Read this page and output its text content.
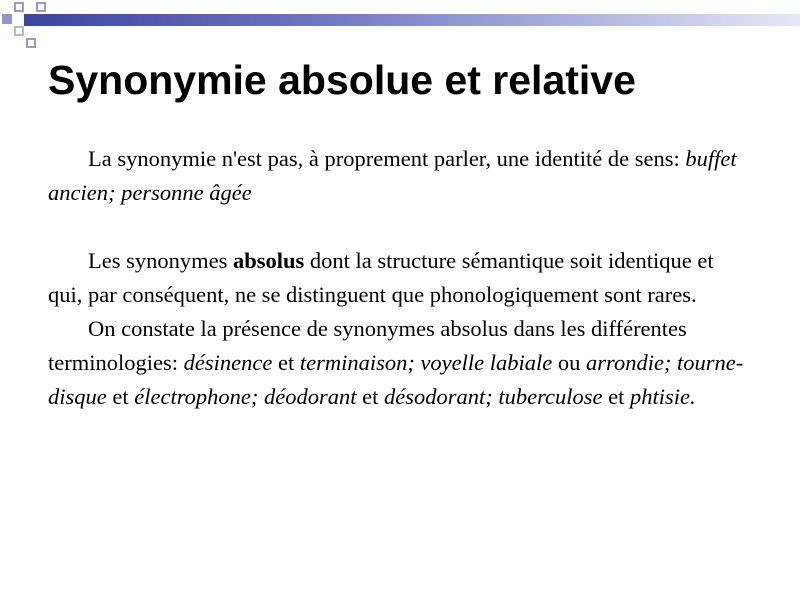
Synonymie absolue et relative

La synonymie n'est pas, à proprement parler, une identité de sens: buffet ancien; personne âgée

Les synonymes absolus dont la structure sémantique soit identique et qui, par conséquent, ne se distinguent que phonologiquement sont rares.

On constate la présence de synonymes absolus dans les différentes terminologies: désinence et terminaison; voyelle labiale ou arrondie; tourne-disque et électrophone; déodorant et désodorant; tuberculose et phtisie.
